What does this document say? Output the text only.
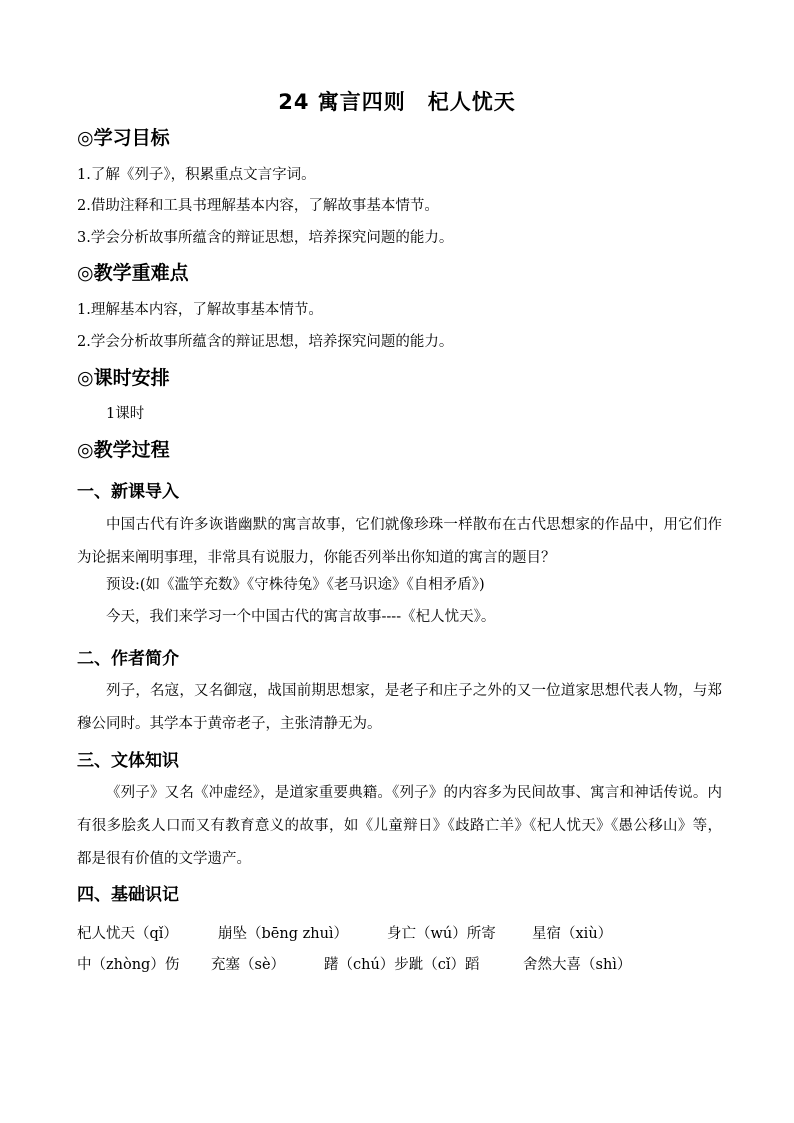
24 寓言四则　杞人忧天
◎学习目标
1.了解《列子》，积累重点文言字词。
2.借助注释和工具书理解基本内容，了解故事基本情节。
3.学会分析故事所蕴含的辩证思想，培养探究问题的能力。
◎教学重难点
1.理解基本内容，了解故事基本情节。
2.学会分析故事所蕴含的辩证思想，培养探究问题的能力。
◎课时安排
1课时
◎教学过程
一、新课导入
中国古代有许多诙谐幽默的寓言故事，它们就像珍珠一样散布在古代思想家的作品中，用它们作为论据来阐明事理，非常具有说服力，你能否列举出你知道的寓言的题目？
预设:(如《滥竽充数》《守株待兔》《老马识途》《自相矛盾》)
今天，我们来学习一个中国古代的寓言故事----《杞人忧天》。
二、作者简介
列子，名寇，又名御寇，战国前期思想家，是老子和庄子之外的又一位道家思想代表人物，与郑穆公同时。其学本于黄帝老子，主张清静无为。
三、文体知识
《列子》又名《冲虚经》，是道家重要典籍。《列子》的内容多为民间故事、寓言和神话传说。内有很多脍炙人口而又有教育意义的故事，如《儿童辩日》《歧路亡羊》《杞人忧天》《愚公移山》等，都是很有价值的文学遗产。
四、基础识记
杞人忧天（qǐ）	崩坠（bēng zhuì）	身亡（wú）所寄	星宿（xiù）
中（zhòng）伤 充塞（sè）	躇（chú）步跐（cǐ）蹈	舍然大喜（shì）
